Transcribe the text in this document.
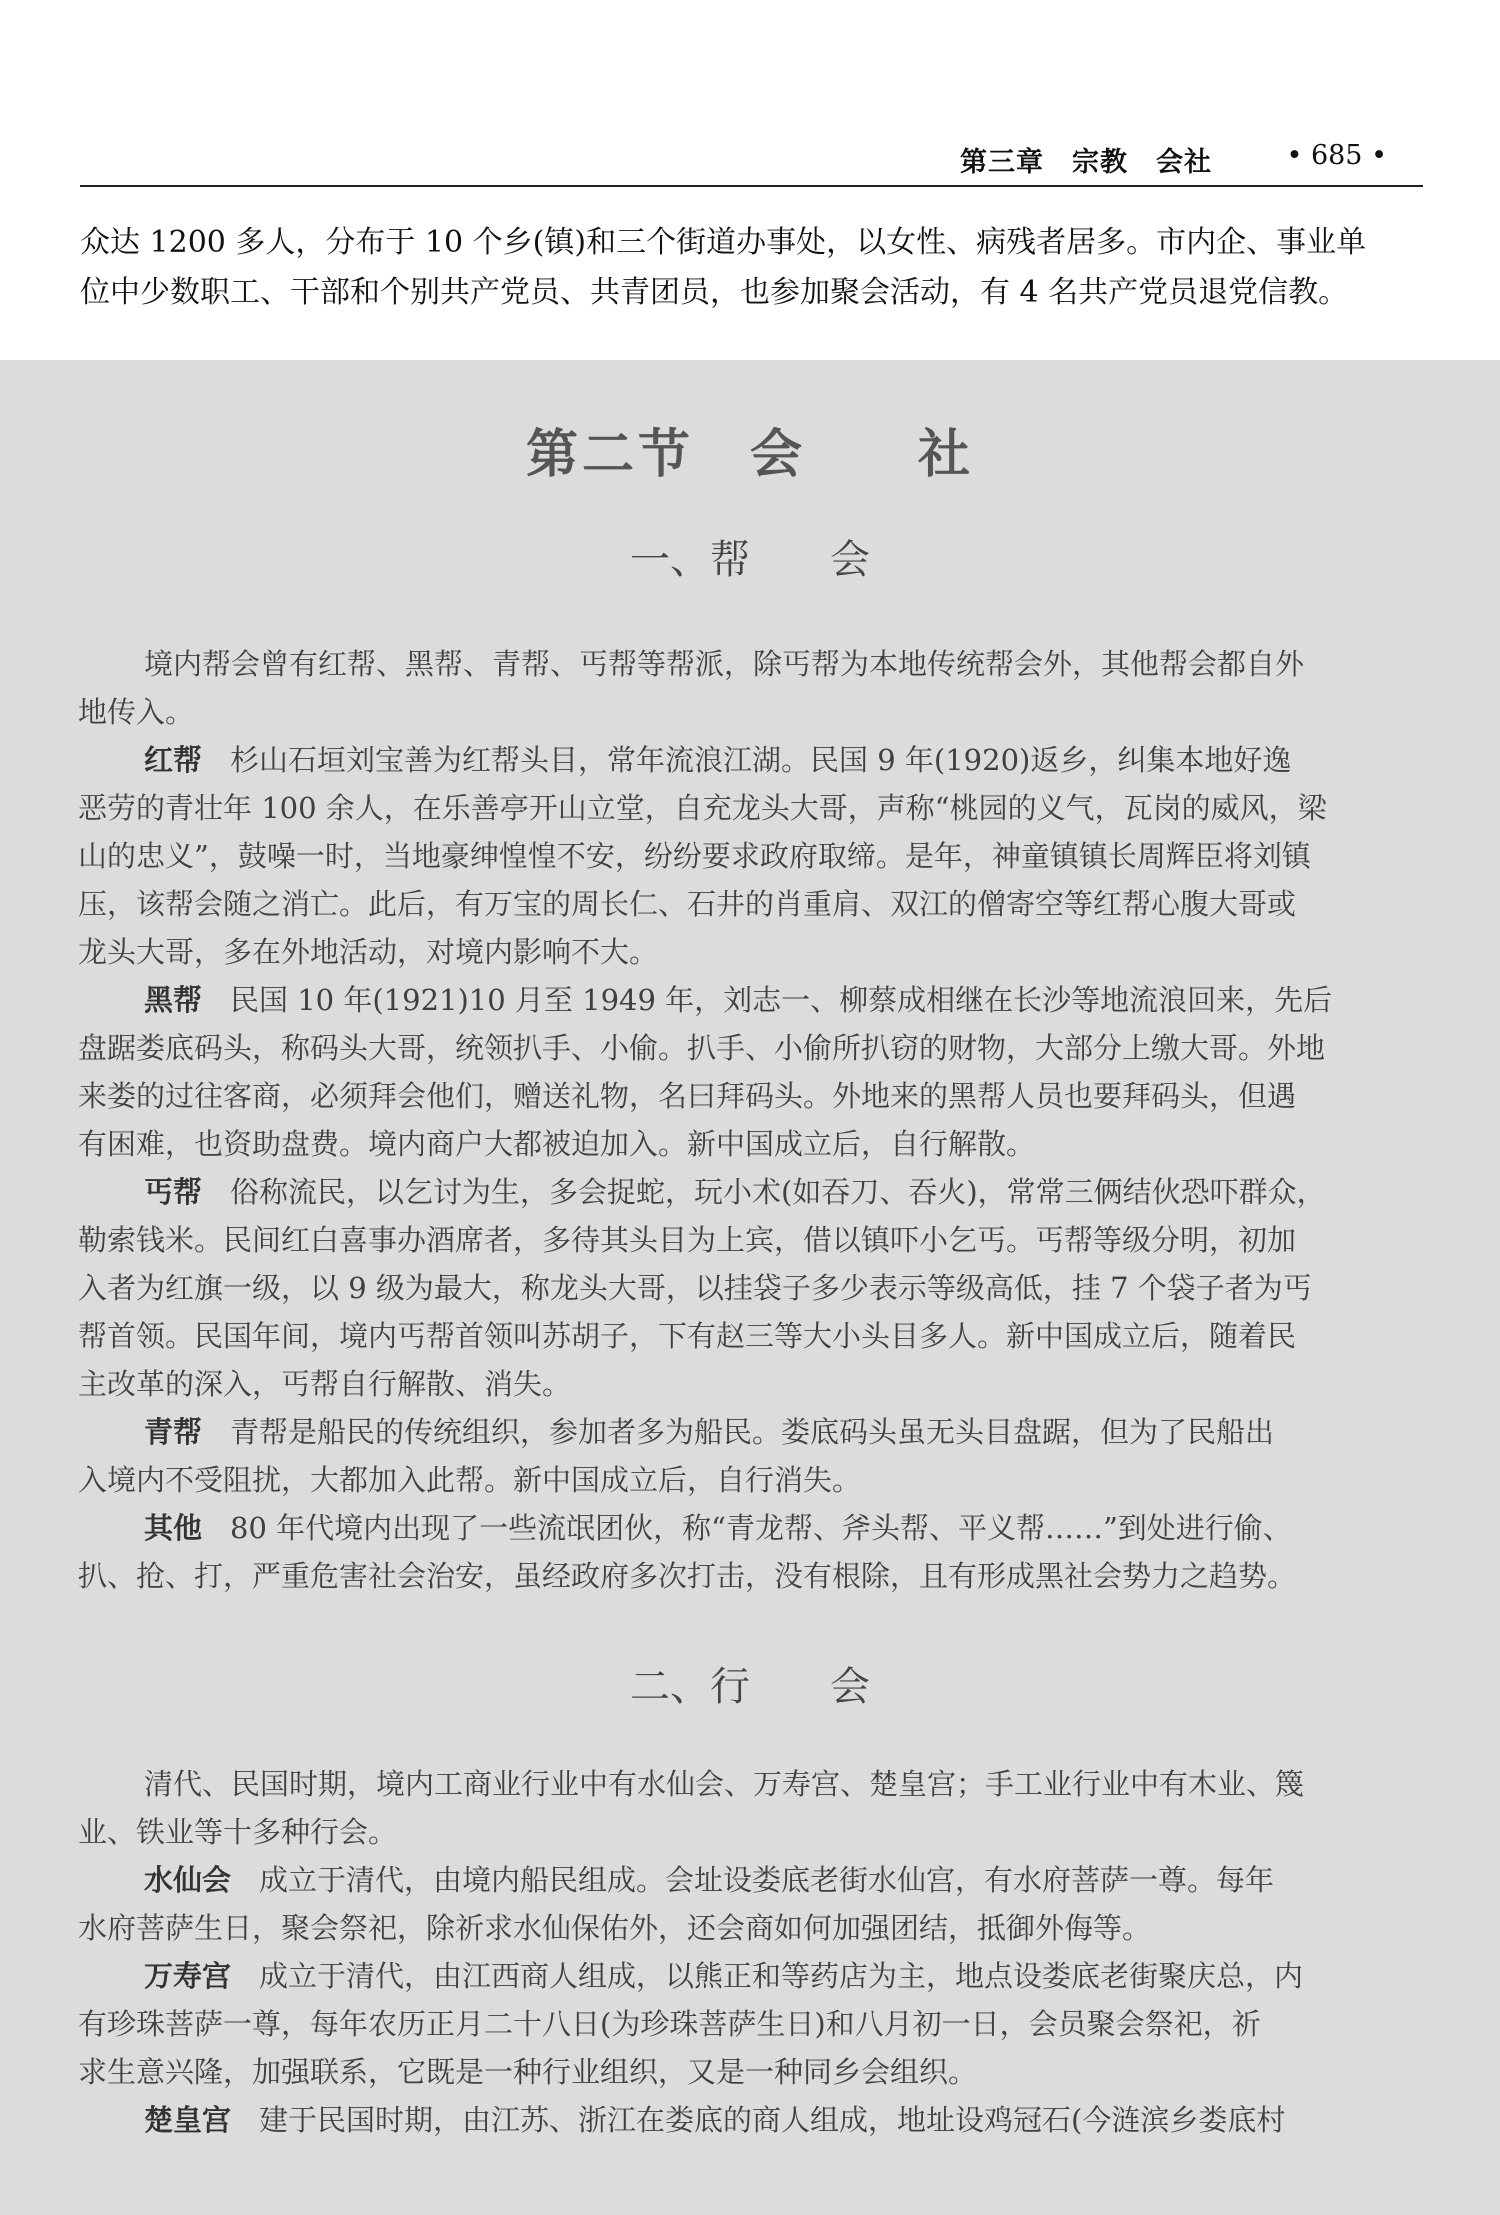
第三章　宗教　会社	• 685 •

众达 1200 多人，分布于 10 个乡(镇)和三个街道办事处，以女性、病残者居多。市内企、事业单

位中少数职工、干部和个别共产党员、共青团员，也参加聚会活动，有 4 名共产党员退党信教。

第二节　会　　社
一、帮　　会

境内帮会曾有红帮、黑帮、青帮、丐帮等帮派，除丐帮为本地传统帮会外，其他帮会都自外

地传入。

红帮 杉山石垣刘宝善为红帮头目，常年流浪江湖。民国 9 年(1920)返乡，纠集本地好逸

恶劳的青壮年 100 余人，在乐善亭开山立堂，自充龙头大哥，声称“桃园的义气，瓦岗的威风，梁

山的忠义”，鼓噪一时，当地豪绅惶惶不安，纷纷要求政府取缔。是年，神童镇镇长周辉臣将刘镇

压，该帮会随之消亡。此后，有万宝的周长仁、石井的肖重肩、双江的僧寄空等红帮心腹大哥或

龙头大哥，多在外地活动，对境内影响不大。

黑帮 民国 10 年(1921)10 月至 1949 年，刘志一、柳蔡成相继在长沙等地流浪回来，先后

盘踞娄底码头，称码头大哥，统领扒手、小偷。扒手、小偷所扒窃的财物，大部分上缴大哥。外地

来娄的过往客商，必须拜会他们，赠送礼物，名曰拜码头。外地来的黑帮人员也要拜码头，但遇

有困难，也资助盘费。境内商户大都被迫加入。新中国成立后，自行解散。

丐帮 俗称流民，以乞讨为生，多会捉蛇，玩小术(如吞刀、吞火)，常常三俩结伙恐吓群众，

勒索钱米。民间红白喜事办酒席者，多待其头目为上宾，借以镇吓小乞丐。丐帮等级分明，初加

入者为红旗一级，以 9 级为最大，称龙头大哥，以挂袋子多少表示等级高低，挂 7 个袋子者为丐

帮首领。民国年间，境内丐帮首领叫苏胡子，下有赵三等大小头目多人。新中国成立后，随着民

主改革的深入，丐帮自行解散、消失。

青帮 青帮是船民的传统组织，参加者多为船民。娄底码头虽无头目盘踞，但为了民船出

入境内不受阻扰，大都加入此帮。新中国成立后，自行消失。

其他 80 年代境内出现了一些流氓团伙，称“青龙帮、斧头帮、平义帮……”到处进行偷、

扒、抢、打，严重危害社会治安，虽经政府多次打击，没有根除，且有形成黑社会势力之趋势。

二、行　　会

清代、民国时期，境内工商业行业中有水仙会、万寿宫、楚皇宫；手工业行业中有木业、篾

业、铁业等十多种行会。

水仙会 成立于清代，由境内船民组成。会址设娄底老街水仙宫，有水府菩萨一尊。每年

水府菩萨生日，聚会祭祀，除祈求水仙保佑外，还会商如何加强团结，抵御外侮等。

万寿宫 成立于清代，由江西商人组成，以熊正和等药店为主，地点设娄底老街聚庆总，内

有珍珠菩萨一尊，每年农历正月二十八日(为珍珠菩萨生日)和八月初一日，会员聚会祭祀，祈

求生意兴隆，加强联系，它既是一种行业组织，又是一种同乡会组织。

楚皇宫 建于民国时期，由江苏、浙江在娄底的商人组成，地址设鸡冠石(今涟滨乡娄底村
